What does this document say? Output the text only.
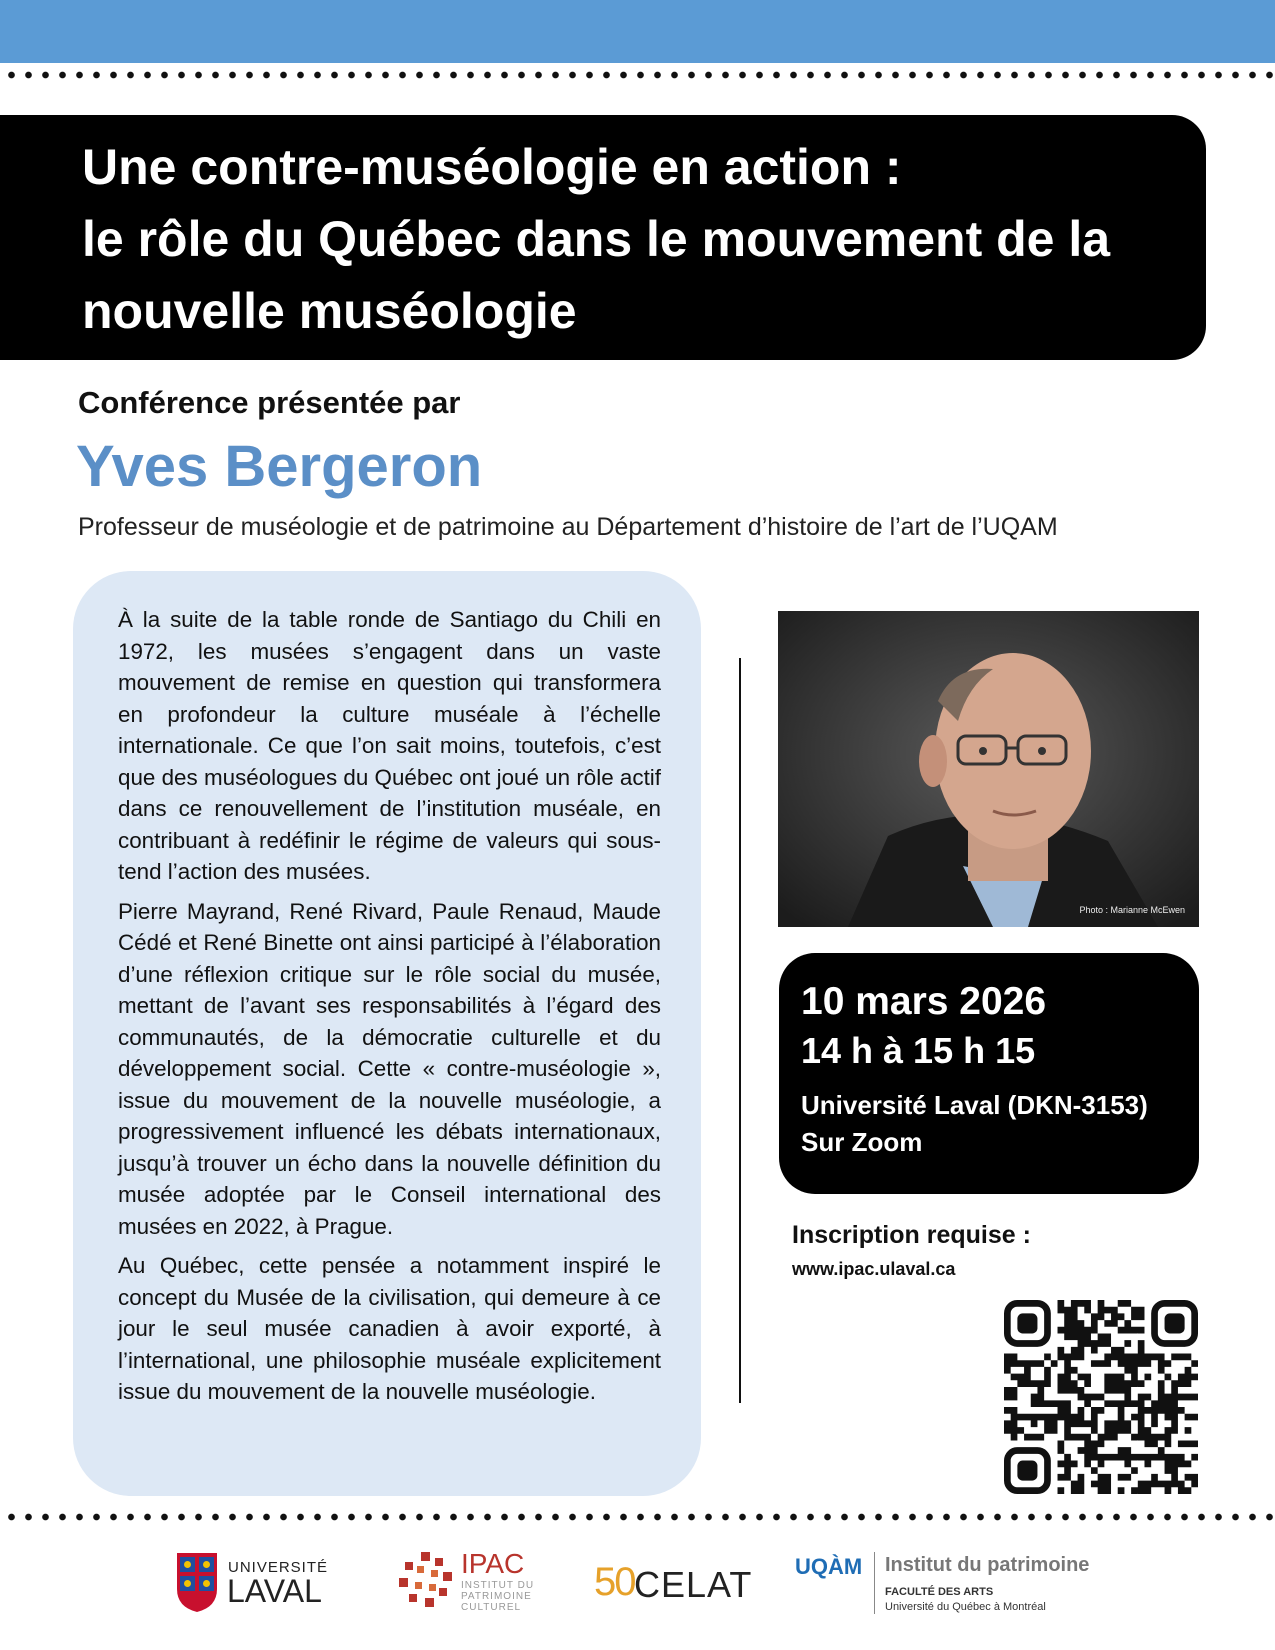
Une contre-muséologie en action :
le rôle du Québec dans le mouvement de la
nouvelle muséologie
Conférence présentée par
Yves Bergeron
Professeur de muséologie et de patrimoine au Département d’histoire de l’art de l’UQAM

À la suite de la table ronde de Santiago du Chili en 1972, les musées s’engagent dans un vaste mouvement de remise en question qui transformera en profondeur la culture muséale à l’échelle internationale. Ce que l’on sait moins, toutefois, c’est que des muséologues du Québec ont joué un rôle actif dans ce renouvellement de l’institution muséale, en contribuant à redéfinir le régime de valeurs qui sous-tend l’action des musées.

Pierre Mayrand, René Rivard, Paule Renaud, Maude Cédé et René Binette ont ainsi participé à l’élaboration d’une réflexion critique sur le rôle social du musée, mettant de l’avant ses responsabilités à l’égard des communautés, de la démocratie culturelle et du développement social. Cette « contre-muséologie », issue du mouvement de la nouvelle muséologie, a progressivement influencé les débats internationaux, jusqu’à trouver un écho dans la nouvelle définition du musée adoptée par le Conseil international des musées en 2022, à Prague.

Au Québec, cette pensée a notamment inspiré le concept du Musée de la civilisation, qui demeure à ce jour le seul musée canadien à avoir exporté, à l’international, une philosophie muséale explicitement issue du mouvement de la nouvelle muséologie.

Photo : Marianne McEwen
10 mars 2026
14 h à 15 h 15
Université Laval (DKN-3153)
Sur Zoom
Inscription requise :
www.ipac.ulaval.ca
UNIVERSITÉ
LAVAL
IPAC
INSTITUT DU
PATRIMOINE
CULTUREL
50 CELAT UQÀM Institut du patrimoine
FACULTÉ DES ARTS
Université du Québec à Montréal
